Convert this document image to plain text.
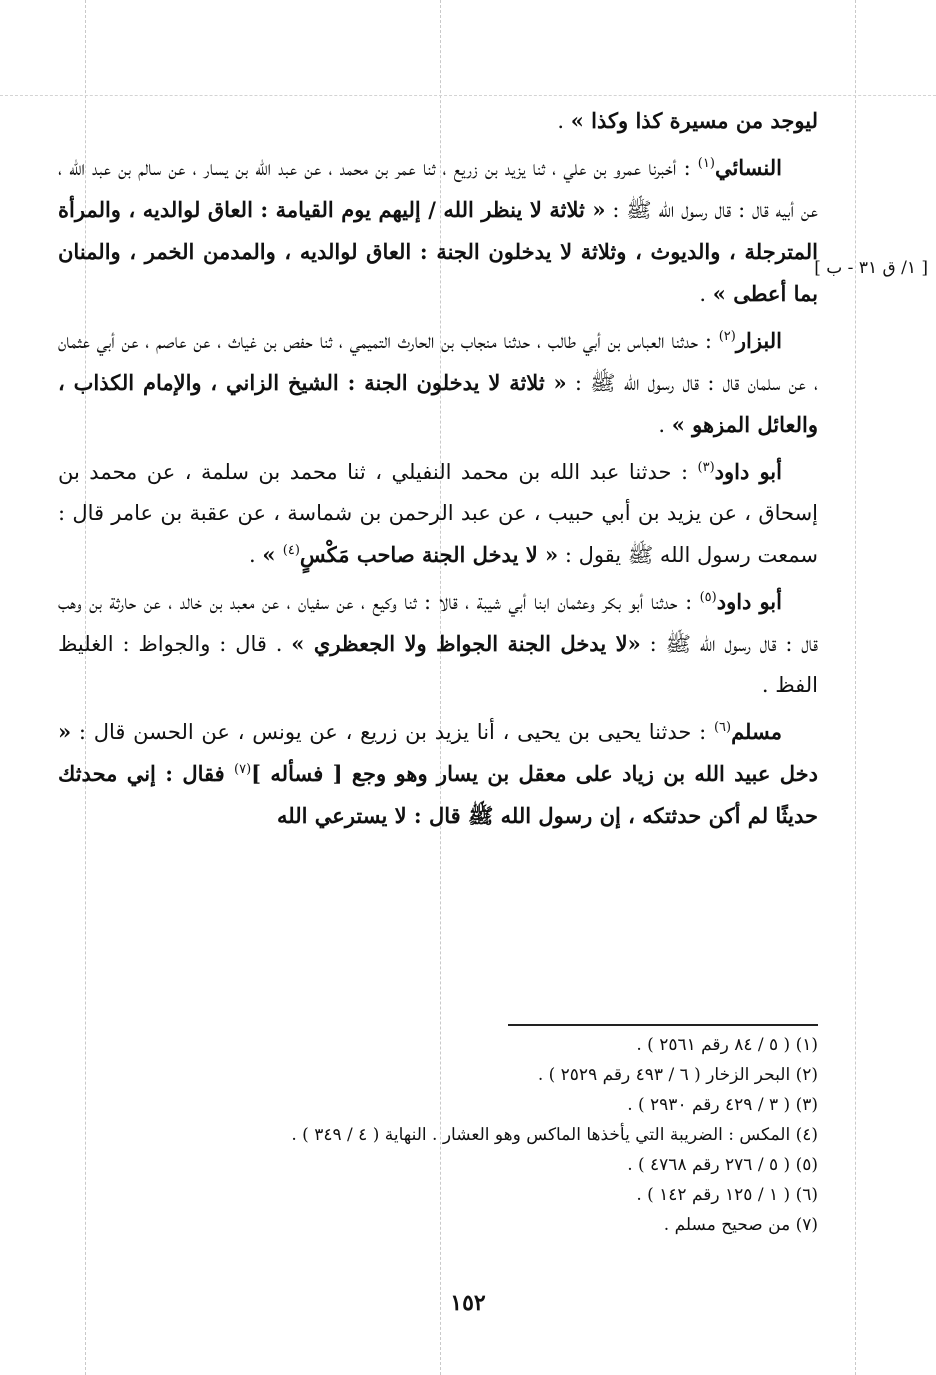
[ ١/ ق ٣١ - ب ]

ليوجد من مسيرة كذا وكذا » .

النسائي$^{(١)}$ : أخبرنا عمرو بن علي ، ثنا يزيد بن زريع ، ثنا عمر بن محمد ، عن عبد الله بن يسار ، عن سالم بن عبد الله ، عن أبيه قال : قال رسول الله ﷺ : « ثلاثة لا ينظر الله / إليهم يوم القيامة : العاق لوالديه ، والمرأة المترجلة ، والديوث ، وثلاثة لا يدخلون الجنة : العاق لوالديه ، والمدمن الخمر ، والمنان بما أعطى » .

البزار$^{(٢)}$ : حدثنا العباس بن أبي طالب ، حدثنا منجاب بن الحارث التميمي ، ثنا حفص بن غياث ، عن عاصم ، عن أبي عثمان ، عن سلمان قال : قال رسول الله ﷺ : « ثلاثة لا يدخلون الجنة : الشيخ الزاني ، والإمام الكذاب ، والعائل المزهو » .

أبو داود$^{(٣)}$ : حدثنا عبد الله بن محمد النفيلي ، ثنا محمد بن سلمة ، عن محمد بن إسحاق ، عن يزيد بن أبي حبيب ، عن عبد الرحمن بن شماسة ، عن عقبة بن عامر قال : سمعت رسول الله ﷺ يقول : « لا يدخل الجنة صاحب مَكْسٍ$^{(٤)}$ » .

أبو داود$^{(٥)}$ : حدثنا أبو بكر وعثمان ابنا أبي شيبة ، قالا : ثنا وكيع ، عن سفيان ، عن معبد بن خالد ، عن حارثة بن وهب قال : قال رسول الله ﷺ : «لا يدخل الجنة الجواظ ولا الجعظري » . قال : والجواظ : الغليظ الفظ .

مسلم$^{(٦)}$ : حدثنا يحيى بن يحيى ، أنا يزيد بن زريع ، عن يونس ، عن الحسن قال : « دخل عبيد الله بن زياد على معقل بن يسار وهو وجع [ فسأله ]$^{(٧)}$ فقال : إني محدثك حديثًا لم أكن حدثتكه ، إن رسول الله ﷺ قال : لا يسترعي الله

(١) ( ٥ / ٨٤ رقم ٢٥٦١ ) .

(٢) البحر الزخار ( ٦ / ٤٩٣ رقم ٢٥٢٩ ) .

(٣) ( ٣ / ٤٢٩ رقم ٢٩٣٠ ) .

(٤) المكس : الضريبة التي يأخذها الماكس وهو العشار . النهاية ( ٤ / ٣٤٩ ) .

(٥) ( ٥ / ٢٧٦ رقم ٤٧٦٨ ) .

(٦) ( ١ / ١٢٥ رقم ١٤٢ ) .

(٧) من صحيح مسلم .

١٥٢
